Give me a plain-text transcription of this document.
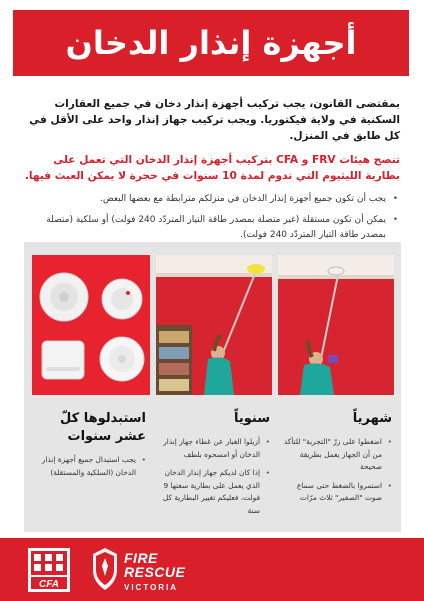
أجهزة إنذار الدخان

بمقتضى القانون، يجب تركيب أجهزة إنذار دخان في جميع العقارات السكنية في ولاية فيكتوريا. ويجب تركيب جهاز إنذار واحد على الأقل في كل طابق في المنزل.

تنصح هيئات FRV و CFA بتركيب أجهزة إنذار الدخان التي تعمل على بطارية الليثيوم التي تدوم لمدة 10 سنوات في حجرة لا يمكن العبث فيها.

• يجب أن تكون جميع أجهزة إنذار الدخان في منزلكم مترابطة مع بعضها البعض.
• يمكن أن تكون مستقلة (غير متصلة بمصدر طاقة التيار المتردّد 240 فولت) أو سلكية (متصلة بمصدر طاقة التيار المتردّد 240 فولت).
شهرياً
• اضغطوا على زرّ "التجربة" للتأكد من أن الجهاز يعمل بطريقة صحيحة
• استمروا بالضغط حتى سماع صوت "الصفير" ثلاث مرّات
سنوياً
• أزيلوا الغبار عن غطاء جهاز إنذار الدخان أو امسحوه بلطف
• إذا كان لديكم جهاز إنذار الدخان الذي يعمل على بطارية سعتها 9 فولت، فعليكم تغيير البطارية كل سنة
استبدلوها كلّ عشر سنوات
• يجب استبدال جميع أجهزة إنذار الدخان (السلكية والمستقلة)
CFA
FIRE
RESCUE
VICTORIA
